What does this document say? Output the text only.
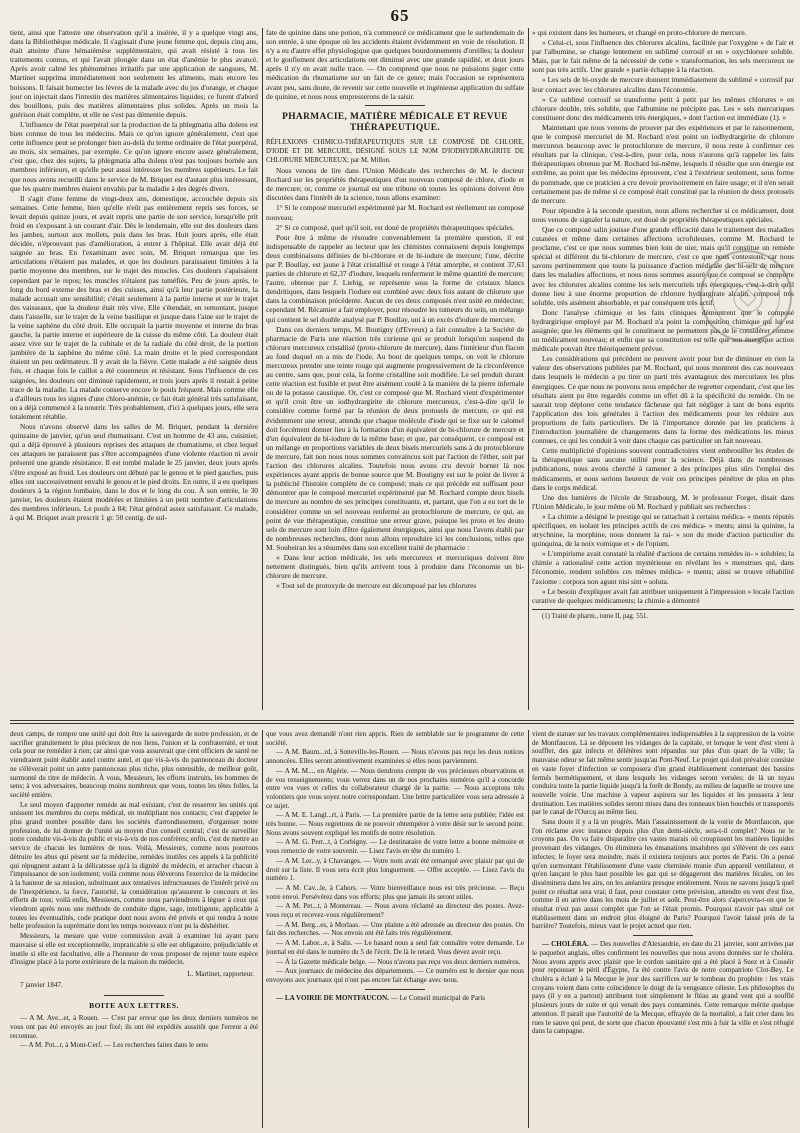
65

tient, ainsi que l'atteste une observation qu'il a insérée, il y a quelque vingt ans, dans la Bibliothèque médicale. Il s'agissait d'une jeune femme qui, depuis cinq ans, était atteinte d'une hématémèse supplémentaire, qui avait résisté à tous les traitements connus, et qui l'avait plongée dans un état d'anémie le plus avancé. Après avoir calmé les phénomènes irritatifs par une application de sangsues, M. Martinet supprima immédiatement non seulement les aliments, mais encore les boissons. Il faisait humecter les lèvres de la malade avec du jus d'orange, et chaque jour on injectait dans l'intestin des matières alimentaires liquides; ce furent d'abord des bouillons, puis des matières alimentaires plus solides. Après un mois la guérison était complète, et elle ne s'est pas démentie depuis.

L'influence de l'état puerpéral sur la production de la phlegmatia alba dolens est bien connue de tous les médecins. Mais ce qu'on ignore généralement, c'est que cette influence peut se prolonger bien au-delà du terme ordinaire de l'état puerpéral, au mois, six semaines, par exemple. Ce qu'on ignore encore assez généralement, c'est que, chez des sujets, la phlegmatia alba dolens n'est pas toujours bornée aux membres inférieurs, et qu'elle peut aussi intéresser les membres supérieurs. Le fait que nous avons recueilli dans le service de M. Briquet est d'autant plus intéressant, que les quatre membres étaient envahis par la maladie à des degrés divers.

Il s'agit d'une femme de vingt-deux ans, domestique, accouchée depuis six semaines. Cette femme, bien qu'elle n'eût pas entièrement repris ses forces, se levait depuis quinze jours, et avait repris une partie de son service, lorsqu'elle prit froid en s'exposant à un courant d'air. Dès le lendemain, elle eut des douleurs dans les jambes, surtout aux mollets, puis dans les bras. Huit jours après, elle était décidée, n'éprouvant pas d'amélioration, à entrer à l'hôpital. Elle avait déjà été saignée au bras. En l'examinant avec soin, M. Briquet remarqua que les articulations n'étaient pas malades, et que les douleurs paraissaient limitées à la partie moyenne des membres, sur le trajet des muscles. Ces douleurs s'apaisaient cependant par le repos; les muscles n'étaient pas tuméfiés. Peu de jours après, le long du bord externe des bras et des cuisses, ainsi qu'à leur partie postérieure, la malade accusait une sensibilité; c'était seulement à la partie interne et sur le trajet des vaisseaux, que la douleur était très vive. Elle s'étendait, en remontant, jusque dans l'aisselle, sur le trajet de la veine basilique et jusque dans l'aine sur le trajet de la veine saphène du côté droit. Elle occupait la partie moyenne et interne du bras gauche, la partie interne et supérieure de la cuisse du même côté. La douleur était assez vive sur le trajet de la cubitale et de la radiale du côté droit, de la portion jambière de la saphène du même côté. La main droite et le pied correspondant étaient un peu œdémateux. Il y avait de la fièvre. Cette malade a été saignée deux fois, et chaque fois le caillot a été couenneux et résistant. Sous l'influence de ces saignées, les douleurs ont diminué rapidement, et trois jours après il restait à peine trace de la maladie. La malade conserve encore le pouls fréquent. Mais comme elle a d'ailleurs tous les signes d'une chloro-anémie, ce fait était général très satisfaisant, on a déjà commencé à la nourrir. Très probablement, d'ici à quelques jours, elle sera totalement rétablie.

Nous n'avons observé dans les salles de M. Briquet, pendant la dernière quinzaine de janvier, qu'un seul rhumatisant. C'est un homme de 43 ans, cuisinier, qui a déjà éprouvé à plusieurs reprises des attaques de rhumatisme, et chez lequel ces attaques ne paraissent pas s'être accompagnées d'une violente réaction ni avoir présenté une grande résistance. Il est tombé malade le 25 janvier, deux jours après s'être exposé au froid. Les douleurs ont débuté par le genou et le pied gauches, puis elles ont successivement envahi le genou et le pied droits. En outre, il a eu quelques douleurs à la région lombaire, dans le dos et le long du cou. À son entrée, le 30 janvier, les douleurs étaient modérées et limitées à un petit nombre d'articulations des membres inférieurs. Le pouls à 84; l'état général assez satisfaisant. Ce malade, à qui M. Briquet avait prescrit 1 gr. 50 centig. de sul-

fate de quinine dans une potion, n'a commencé ce médicament que le surlendemain de son entrée, à une époque où les accidents étaient évidemment en voie de résolution. Il n'y a eu d'autre effet physiologique que quelques bourdonnements d'oreilles; la douleur et le gonflement des articulations ont diminué avec une grande rapidité, et deux jours après il n'y en avait nulle trace. — On comprend que nous ne puissions juger cette médication du rhumatisme sur un fait de ce genre; mais l'occasion se représentera avant peu, sans doute, de revenir sur cette nouvelle et ingénieuse application du sulfate de quinine, et nous nous empresserons de la saisir.

PHARMACIE, MATIÈRE MÉDICALE ET REVUE THÉRAPEUTIQUE.

RÉFLEXIONS CHIMICO-THÉRAPEUTIQUES SUR LE COMPOSÉ DE CHLORE, D'IODE ET DE MERCURE, DÉSIGNÉ SOUS LE NOM D'IODHYDRARGIRITE DE CHLORURE MERCUREUX; par M. Millon.

Nous venons de lire dans l'Union Médicale des recherches de M. le docteur Rochard sur les propriétés thérapeutiques d'un nouveau composé de chlore, d'iode et de mercure; or, comme ce journal est une tribune où toutes les opinions doivent être discutées dans l'intérêt de la science, nous allons examiner:

1° Si le composé mercuriel expérimenté par M. Rochard est réellement un composé nouveau;

2° Si ce composé, quel qu'il soit, est doué de propriétés thérapeutiques spéciales.

Pour être à même de résoudre convenablement la première question, il est indispensable de rappeler au lecteur que les chimistes connaissent depuis longtemps deux combinaisons définies de bi-chlorure et de bi-iodure de mercure; l'une, décrite par P. Boullay, est jaune à l'état cristallisé et rouge à l'état amorphe, et contient 37,63 parties de chlorure et 62,37 d'iodure, lesquels renferment le même quantité de mercure; l'autre, obtenue par J. Liebig, se représente sous la forme de cristaux blancs dendritiques, dans lesquels l'iodure est combiné avec deux fois autant de chlorure que dans la combinaison précédente. Aucun de ces deux composés n'est usité en médecine; cependant M. Récamier a fait employer, pour résoudre les tumeurs du sein, un mélange qui contient le sel double analysé par P. Boullay, uni à un excès d'iodure de mercure.

Dans ces derniers temps, M. Boutigny (d'Evreux) a fait connaître à la Société de pharmacie de Paris une réaction très curieuse qui se produit lorsqu'on suspend du chlorure mercureux cristallisé (proto-chlorure de mercure), dans l'intérieur d'un flacon au fond duquel on a mis de l'iode. Au bout de quelques temps, on voit le chlorure mercureux prendre une teinte rouge qui augmente progressivement de la circonférence au centre, sans que, pour cela, la forme cristalline soit modifiée. Le sel produit durant cette réaction est fusible et peut être aisément coulé à la manière de la pierre infernale ou de la potasse caustique. Or, c'est ce composé que M. Rochard vient d'expérimenter et qu'il croit être un iodhydrargirite de chlorure mercureux, c'est-à-dire qu'il le considère comme formé par la réunion de deux protosels de mercure, ce qui est évidemment une erreur, attendu que chaque molécule d'iode qui se fixe sur le calomel doit forcément donner lieu à la formation d'un équivalent de bi-chlorure de mercure et d'un équivalent de bi-iodure de la même base; et que, par conséquent, ce composé est un mélange en proportions variables de deux bisels mercuriels sans à du protochlorure de mercure, fait non nous nous sommes convaincus soit par l'action de l'éther, soit par l'action des chlorures alcalins. Toutefois nous avons cru devoir borner là nos expériences ayant appris de bonne source que M. Boutigny est sur le point de livrer à la publicité l'histoire complète de ce composé; mais ce qui précède est suffisant pour démontrer que le composé mercuriel expérimenté par M. Rochard compte deux bisels de mercure au nombre de ses principes constituants, et, partant, que l'on a eu tort de le considérer comme un sel nouveau renfermé au protochlorure de mercure, ce qui, au point de vue thérapeutique, constitue une erreur grave, puisque les proto et les deuto sels de mercure sont loin d'être également énergiques, ainsi que nous l'avons établi par de nombreuses recherches, dont nous allons reproduire ici les conclusions, telles que M. Soubeiran les a résumées dans son excellent traité de pharmacie :

« Dans leur action médicale, les sels mercureux et mercuriques doivent être nettement distingués, bien qu'ils arrivent tous à produire dans l'économie un bi-chlorure de mercure.

« Tout sel de protoxyde de mercure est décomposé par les chlorures

» qui existent dans les humeurs, et changé en proto-chlorure de mercure.

» Celui-ci, sous l'influence des chlorures alcalins, facilitée par l'oxygène » de l'air et par l'albumine, se change lentement en sublimé corrosif et en » oxychlorure soluble. Mais, par le fait même de la nécessité de cette » transformation, les sels mercureux ne sont pas très actifs. Une grande » partie échappe à la réaction.

» Les sels de bi-oxyde de mercure donnent immédiatement du sublimé » corrosif par leur contact avec les chlorures alcalins dans l'économie.

» Ce sublimé corrosif se transforme petit à petit par les mêmes chlorures » en chlorure double, très soluble, que l'albumine ne précipite pas. Les » sels mercuriques constituent donc des médicaments très énergiques, » dont l'action est immédiate (1). »

Maintenant que nous venons de prouver par des expériences et par le raisonnement, que le composé mercuriel de M. Rochard n'est point un iodhydrargirite de chlorure mercureux beaucoup avec le protochlorure de mercure, il nous reste à confirmer ces résultats par la clinique, c'est-à-dire, pour cela, nous n'aurons qu'à rappeler les faits thérapeutiques obtenus par M. Rochard lui-même, lesquels il résulte que son énergie est extrême, au point que les médecins éprouvent, c'est à l'extérieur seulement, sous forme de pommade, que ce praticien a cru devoir provisoirement en faire usage; et il n'en serait certainement pas de même si ce composé était constitué par la réunion de deux protosels de mercure.

Pour répondre à la seconde question, nous allons rechercher si ce médicament, dont nous venons de signaler la nature, est doué de propriétés thérapeutiques spéciales.

Que ce composé salin jouisse d'une grande efficacité dans le traitement des maladies cutanées et même dans certaines affections scrofuleuses, comme M. Rochard le proclame, c'est ce que nous sommes bien loin de nier, mais qu'il constitue un remède spécial et différent du bi-chlorure de mercure, c'est ce que nous contestons, car nous savons pertinemment que toute la puissance d'action médicale des bi-sels de mercure dans les maladies affections, et nous nous sommes assuré que ce composé se comporte avec les chlorures alcalins comme les sels mercuriels très énergiques, c'est-à-dire qu'il donne lieu à une énorme proportion de chlorure hydrargirate alcalin, composé très soluble, très aisément absorbable, et par conséquent très actif.

Donc l'analyse chimique et les faits cliniques démontrent que le composé hydrargirique employé par M. Rochard n'a point la composition chimique qui lui est assignée; que les éléments qui le constituent ne permettent pas de le considérer comme un médicament nouveau; et enfin que sa constitution est telle que son énergique action médicale pouvait être théoriquement prévue.

Les considérations qui précèdent ne peuvent avoir pour but de diminuer en rien la valeur des observations publiées par M. Rochard, qui nous montrent des cas nouveaux dans lesquels le médecin a pu tirer un parti très avantageux des mercuriaux les plus énergiques. Ce que nous ne pouvons nous empêcher de regretter cependant, c'est que les résultats aient pu être regardés comme un effet dû à la spécificité du remède. On ne saurait trop déplorer cette tendance fâcheuse qui fait négliger à tant de bons esprits l'application des lois générales à l'action des médicaments pour les réduire aux proportions de faits particuliers. De là l'importance donnée par les praticiens à l'introduction journalière de changements dans la forme des médications les mieux connues, ce qui les conduit à voir dans chaque cas particulier un fait nouveau.

Cette multiplicité d'opinions souvent contradictoires vient embrouiller les études de la thérapeutique sans aucune utilité pour la science. Déjà dans de nombreuses publications, nous avons cherché à ramener à des principes plus sûrs l'emploi des médicaments, et nous serions heureux de voir ces principes pénétrer de plus en plus dans le corps médical.

Une des lumières de l'école de Strasbourg, M. le professeur Forget, disait dans l'Union Médicale, le jour même où M. Rochard y publiait ses recherches :

« La chimie a désigné le prestige qui se rattachait à certains médica- » ments réputés spécifiques, en isolant les principes actifs de ces médica- » ments; ainsi la quinine, la strychnine, la morphine, nous donnent la rai- » son du mode d'action particulier du quinquina, de la noix vomique et » de l'opium.

» L'empirisme avait constaté la réalité d'actions de certains remèdes in- » solubles; la chimie a rationalisé cette action mystérieuse en révélant les » menstrues qui, dans l'économie, rendent solubles ces mêmes médica- » ments; ainsi se trouve réhabilité l'axiome : corpora non agunt nisi sint » soluta.

» Le besoin d'expliquer avait fait attribuer uniquement à l'impression » locale l'action curative de quelques médicaments; la chimie a démontré

(1) Traité de pharm., tome II, pag. 551.

deux camps, de rompre une unité qui doit être la sauvegarde de notre profession, et de sacrifier gratuitement le plus précieux de nos liens, l'union et la confraternité, et tout cela pour ne remédier à rien; car ainsi que vous assurerait que cent officiers de santé ne viendraient point établir autel contre autel, et que vis-à-vis du pannonceau du docteur ne s'élèverait point un autre pannonceau plus riche, plus ostensible, de meilleur goût, surmonté du titre de médecin. À vous, Messieurs, les efforts instruits, les hommes de sens; à vos adversaires, beaucoup moins nombreux que vous, toutes les têtes folles, la société entière.

Le seul moyen d'apporter remède au mal existant, c'est de resserrer les unités qui unissent les membres du corps médical, en multipliant nos contacts; c'est d'appeler le plus grand nombre possible dans les sociétés d'arrondissement, d'organiser notre profession, de lui donner de l'unité au moyen d'un conseil central; c'est de surveiller notre conduite vis-à-vis du public et vis-à-vis de nos confrères; enfin, c'est de mettre au service de chacun les lumières de tous. Voilà, Messieurs, comme nous pourrons détruire les abus qui pèsent sur la médecine, remèdes inutiles ces appels à la publicité qui répugnent autant à la délicatesse qu'à la dignité du médecin, et arracher chacun à l'impuissance de son isolement; voilà comme nous élèverons l'exercice de la médecine à la hauteur de sa mission, substituant aux tentatives infructueuses de l'intérêt privé ou de l'inexpérience, la force, l'autorité, la considération qu'assurent le concours et les efforts de tous; voilà enfin, Messieurs, comme nous parviendrons à léguer à ceux qui viendront après nous une méthode de conduite digne, sage, intelligente, applicable à toutes les éventualités, code pratique dont nous avons été privés et qui rendra à notre belle profession la suprématie dont les temps nouveaux n'ont pu la déshériter.

Messieurs, la mesure que votre commission avait à examiner lui ayant paru mauvaise si elle est exceptionnelle, impraticable si elle est obligatoire, préjudiciable et inutile si elle est facultative, elle a l'honneur de vous proposer de rejeter toute espèce d'insigne placé à la porte extérieure de la maison du médecin.

L. Martinet, rapporteur.
7 janvier 1847.
BOITE AUX LETTRES.

— A M. Ave...et, à Rouen. — C'est par erreur que les deux derniers numéros ne vous ont pas été envoyés au jour fixé; ils ont été expédiés aussitôt que l'erreur a été reconnue.

— A M. Pot...r, à Mont-Cerf. — Les recherches faites dans le sens

que vous avez demandé n'ont rien appris. Rien de semblable sur le programme de cette société.

— A M. Baum...rd, à Sotteville-les-Rouen. — Nous n'avons pas reçu les deux notices annoncées. Elles seront attentivement examinées si elles nous parviennent.

— A M. M..., en Algérie. — Nous tiendrons compte de vos précieuses observations et de vos renseignements; vous verrez dans un de nos prochains numéros qu'il a concorde entre vos vues et celles du collaborateur chargé de la partie. — Nous acceptons très volontiers que vous soyez notre correspondant. Une lettre particulière vous sera adressée à ce sujet.

— A M. E. Langl...rt, à Paris. — La première partie de la lettre sera publiée; l'idée est très bonne. — Nous regrettons de ne pouvoir obtempérer à votre désir sur le second point. Nous avons souvent expliqué les motifs de notre résolution.

— A M. G. Perr...t, à Corbigny. — Le destinataire de votre lettre a bonne mémoire et vous remercie de votre souvenir. — Lisez l'avis en tête du numéro 1.

— A M. Ler...y, à Chavanges. — Votre nom avait été remarqué avec plaisir par qui de droit sur la liste. Il vous sera écrit plus longuement. — Offre acceptée. — Lisez l'avis du numéro 1.

— A M. Cav...le, à Cahors. — Votre bienveillance nous est très précieuse. — Reçu votre envoi. Persévérez dans vos efforts; plus que jamais ils seront utiles.

— A M. Pet...t, à Montereau. — Nous avons réclamé au directeur des postes. Avez-vous reçu et recevez-vous régulièrement?

— A M. Berg...es, à Morlaas. — Une plainte a été adressée au directeur des postes. On fait des recherches. — Nos envois ont été faits très régulièrement.

— A M. Labor...e, à Salis. — Le hasard nous a seul fait connaître votre demande. Le journal en été dans le numéro du 5 de l'écrit. De là le retard. Vous devez avoir reçu.

— À la Gazette médicale belge. — Nous n'avons pas reçu vos deux derniers numéros.

— Aux journaux de médecine des départements. — Ce numéro est le dernier que nous envoyons aux journaux qui n'ont pas encore fait échange avec nous.

— LA VOIRIE DE MONTFAUCON. — Le Conseil municipal de Paris

vient de statuer sur les travaux complémentaires indispensables à la suppression de la voirie de Montfaucon. Là se déposent les vidanges de la capitale, et lorsque le vent d'est vient à souffler, des gaz infects et délétères sont répandus sur plus d'un quart de la ville; la mauvaise odeur se fait même sentir jusqu'au Pont-Neuf. Le projet qui doit prévaloir consiste en vaste foyer d'infection se composera d'un grand établissement contenant des bassins fermés hermétiquement, et dans lesquels les vidanges seront versées; de là un tuyau conduira toute la partie liquide jusqu'à la forêt de Bondy, au milieu de laquelle se trouve une nouvelle voirie. Une machine à vapeur aspirera sur les liquides et les poussera à leur destination. Les matières solides seront mises dans des tonneaux bien bouchés et transportés par le canal de l'Ourcq au même lieu.

Sans doute il y a là un progrès. Mais l'assainissement de la voirie de Montfaucon, que l'on réclame avec instance depuis plus d'un demi-siècle, sera-t-il complet? Nous ne le croyons pas. On va faire disparaître ces vastes marais où croupissent les matières liquides provenant des vidanges. On éliminera les émanations insalubres qui s'élèvent de ces eaux infectes; le foyer sera moindre, mais il existera toujours aux portes de Paris. On a pensé qu'en surmontant l'établissement d'une vaste cheminée munie d'un appareil ventilateur, et qu'en lançant le plus haut possible les gaz qui se dégageront des matières fécales, on les disséminera dans les airs, on les anéantira presque entièrement. Nous ne savons jusqu'à quel point ce résultat sera vrai; il faut, pour constater cette prévision, attendre en vent d'est fixe, comme il en arrive dans les mois de juillet et août. Peut-être alors s'apercevra-t-on que le résultat n'est pas aussi complet que l'on se l'était promis. Pourquoi n'avoir pas situé cet établissement dans un endroit plus éloigné de Paris? Pourquoi l'avoir laissé près de la barrière? Toutefois, mieux vaut le projet actuel que rien.

— CHOLÉRA. — Des nouvelles d'Alexandrie, en date du 21 janvier, sont arrivées par le paquebot anglais, elles confirment les nouvelles que nous avons données sur le choléra. Nous avons appris avec plaisir que le cordon sanitaire qui a été placé à Suez et à Cosséir pour repousser le péril d'Égypte, l'a été contre l'avis de notre compatriote Clot-Bey. Le choléra a éclaté à la Mecque le jour des sacrifices sur le tombeau du prophète : les vrais croyans voient dans cette coïncidence le doigt de la vengeance céleste. Les philosophes du pays (il y en a partout) attribuent tout simplement le fléau au grand vent qui a soufflé plusieurs jours de suite et qui venait des pays contaminés. Cette remarque mérite quelque attention. Il paraît que l'autorité de la Mecque, effrayée de la mortalité, a fait crier dans les rues le sauve qui peut, de sorte que chacun épouvanté s'est mis à fuir la ville et s'est réfugié dans la campagne.
